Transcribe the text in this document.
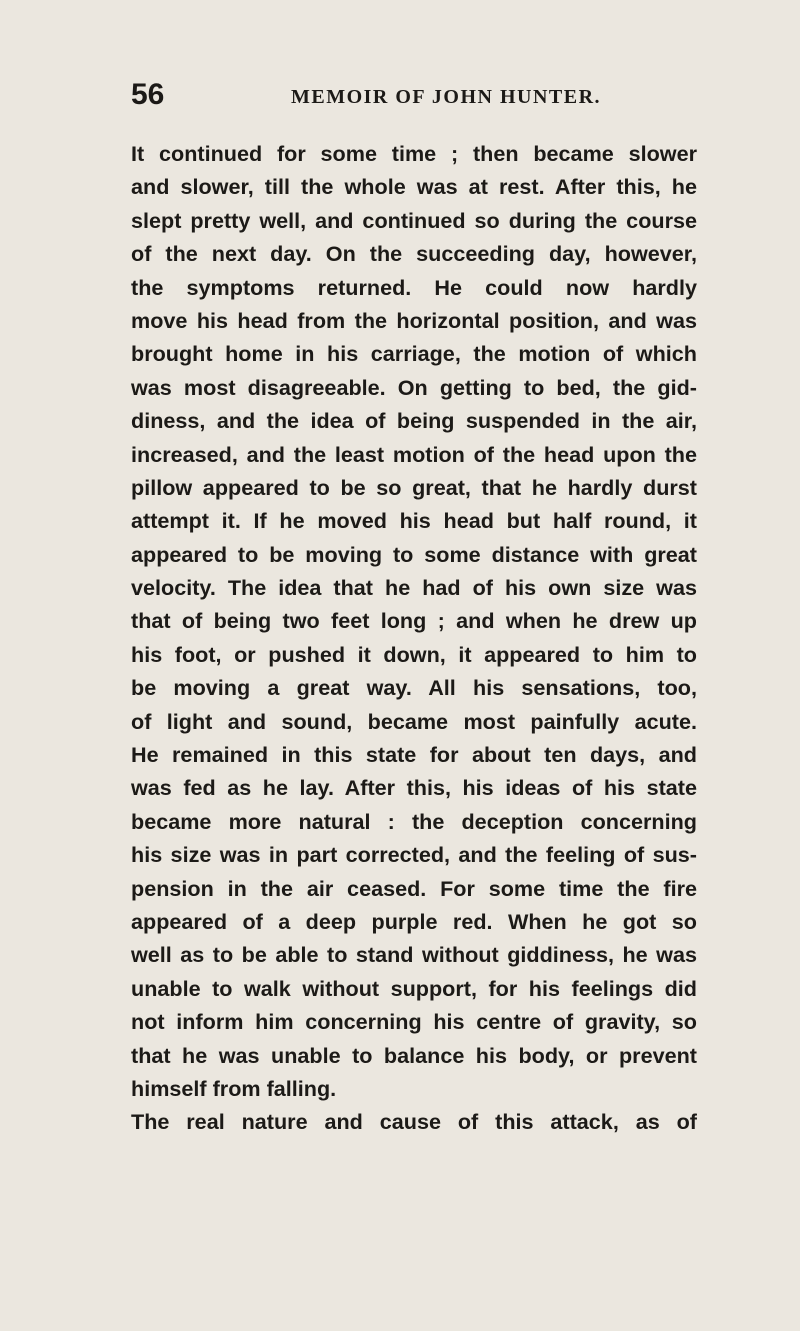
56	MEMOIR OF JOHN HUNTER.
It continued for some time ; then became slower
and slower, till the whole was at rest. After this, he
slept pretty well, and continued so during the course
of the next day. On the succeeding day, however,
the symptoms returned. He could now hardly
move his head from the horizontal position, and was
brought home in his carriage, the motion of which
was most disagreeable. On getting to bed, the gid-
diness, and the idea of being suspended in the air,
increased, and the least motion of the head upon the
pillow appeared to be so great, that he hardly durst
attempt it. If he moved his head but half round, it
appeared to be moving to some distance with great
velocity. The idea that he had of his own size was
that of being two feet long ; and when he drew up
his foot, or pushed it down, it appeared to him to
be moving a great way. All his sensations, too,
of light and sound, became most painfully acute.
He remained in this state for about ten days, and
was fed as he lay. After this, his ideas of his state
became more natural : the deception concerning
his size was in part corrected, and the feeling of sus-
pension in the air ceased. For some time the fire
appeared of a deep purple red. When he got so
well as to be able to stand without giddiness, he was
unable to walk without support, for his feelings did
not inform him concerning his centre of gravity, so
that he was unable to balance his body, or prevent
himself from falling.
The real nature and cause of this attack, as of
